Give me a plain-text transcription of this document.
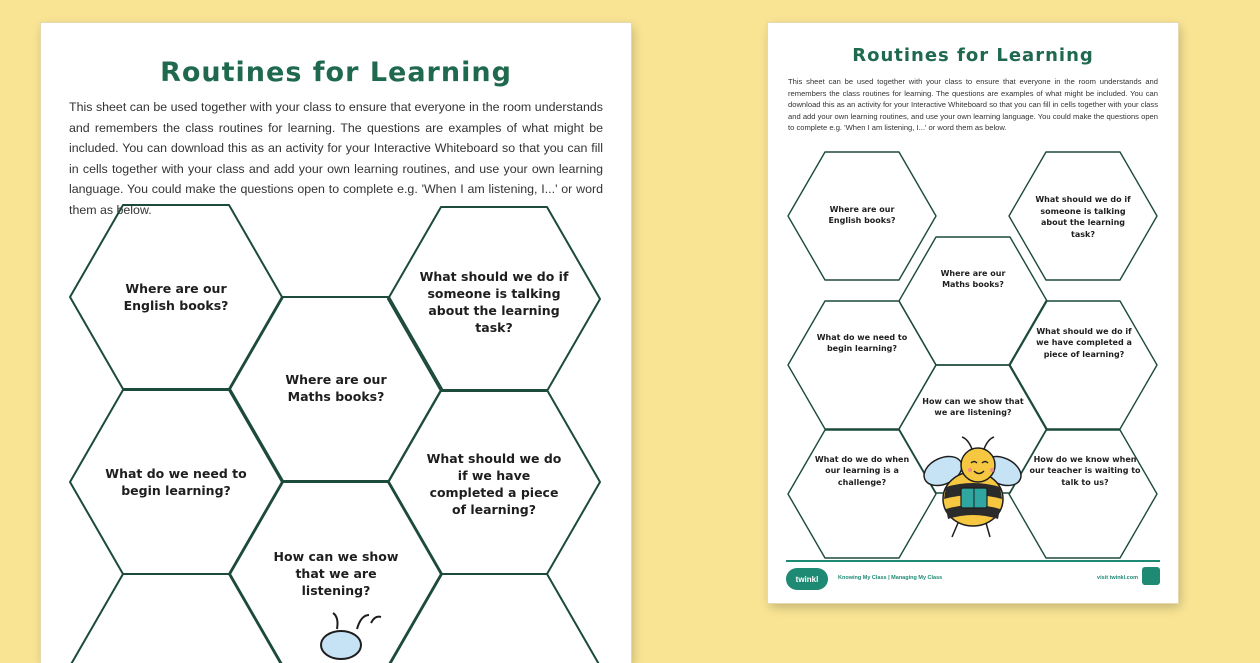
Routines for Learning

This sheet can be used together with your class to ensure that everyone in the room understands and remembers the class routines for learning. The questions are examples of what might be included. You can download this as an activity for your Interactive Whiteboard so that you can fill in cells together with your class and add your own learning routines, and use your own learning language. You could make the questions open to complete e.g. 'When I am listening, I...' or word them as below.

Where are our English books?
What should we do if someone is talking about the learning task?
Where are our Maths books?
What do we need to begin learning?
What should we do if we have completed a piece of learning?
How can we show that we are listening?
Routines for Learning

This sheet can be used together with your class to ensure that everyone in the room understands and remembers the class routines for learning. The questions are examples of what might be included. You can download this as an activity for your Interactive Whiteboard so that you can fill in cells together with your class and add your own learning routines, and use your own learning language. You could make the questions open to complete e.g. 'When I am listening, I...' or word them as below.

Where are our English books?
What should we do if someone is talking about the learning task?
Where are our Maths books?
What do we need to begin learning?
What should we do if we have completed a piece of learning?
How can we show that we are listening?
What do we do when our learning is a challenge?
How do we know when our teacher is waiting to talk to us?
twinkl	Knowing My Class | Managing My Class	visit twinkl.com
